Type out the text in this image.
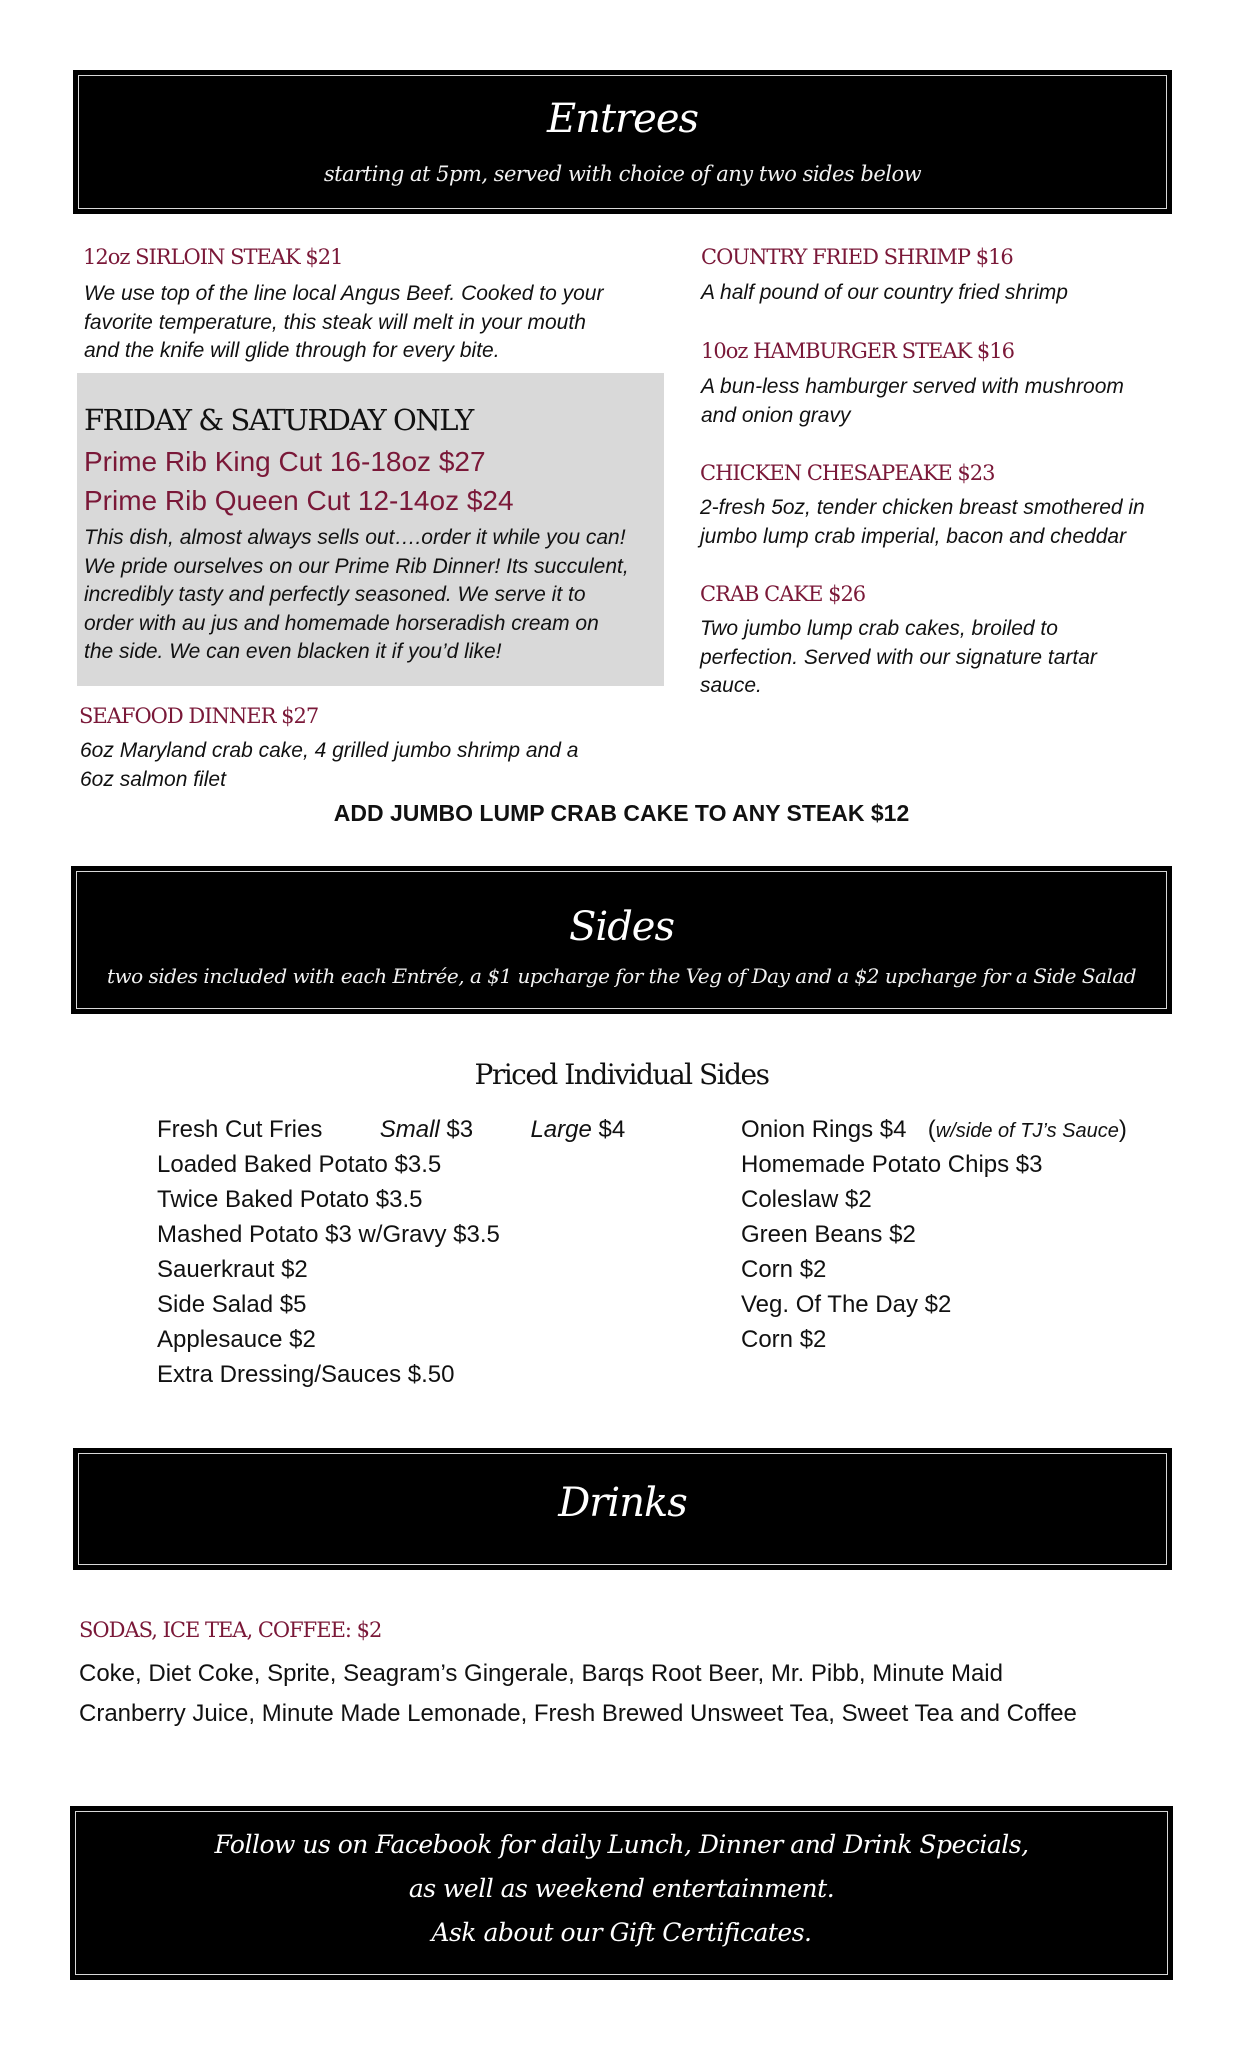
Entrees
starting at 5pm, served with choice of any two sides below
12oz SIRLOIN STEAK $21
We use top of the line local Angus Beef. Cooked to your
favorite temperature, this steak will melt in your mouth
and the knife will glide through for every bite.
FRIDAY & SATURDAY ONLY
Prime Rib King Cut 16-18oz $27
Prime Rib Queen Cut 12-14oz $24
This dish, almost always sells out….order it while you can!
We pride ourselves on our Prime Rib Dinner! Its succulent,
incredibly tasty and perfectly seasoned. We serve it to
order with au jus and homemade horseradish cream on
the side. We can even blacken it if you’d like!
SEAFOOD DINNER $27
6oz Maryland crab cake, 4 grilled jumbo shrimp and a
6oz salmon filet
COUNTRY FRIED SHRIMP $16
A half pound of our country fried shrimp
10oz HAMBURGER STEAK $16
A bun-less hamburger served with mushroom
and onion gravy
CHICKEN CHESAPEAKE $23
2-fresh 5oz, tender chicken breast smothered in
jumbo lump crab imperial, bacon and cheddar
CRAB CAKE $26
Two jumbo lump crab cakes, broiled to
perfection. Served with our signature tartar
sauce.
ADD JUMBO LUMP CRAB CAKE TO ANY STEAK $12
Sides
two sides included with each Entrée, a $1 upcharge for the Veg of Day and a $2 upcharge for a Side Salad
Priced Individual Sides
Fresh Cut Fries Small $3 Large $4
Loaded Baked Potato $3.5
Twice Baked Potato $3.5
Mashed Potato $3 w/Gravy $3.5
Sauerkraut $2
Side Salad $5
Applesauce $2
Extra Dressing/Sauces $.50
Onion Rings $4 (w/side of TJ’s Sauce)
Homemade Potato Chips $3
Coleslaw $2
Green Beans $2
Corn $2
Veg. Of The Day $2
Corn $2
Drinks
SODAS, ICE TEA, COFFEE: $2
Coke, Diet Coke, Sprite, Seagram’s Gingerale, Barqs Root Beer, Mr. Pibb, Minute Maid
Cranberry Juice, Minute Made Lemonade, Fresh Brewed Unsweet Tea, Sweet Tea and Coffee
Follow us on Facebook for daily Lunch, Dinner and Drink Specials,
as well as weekend entertainment.
Ask about our Gift Certificates.
